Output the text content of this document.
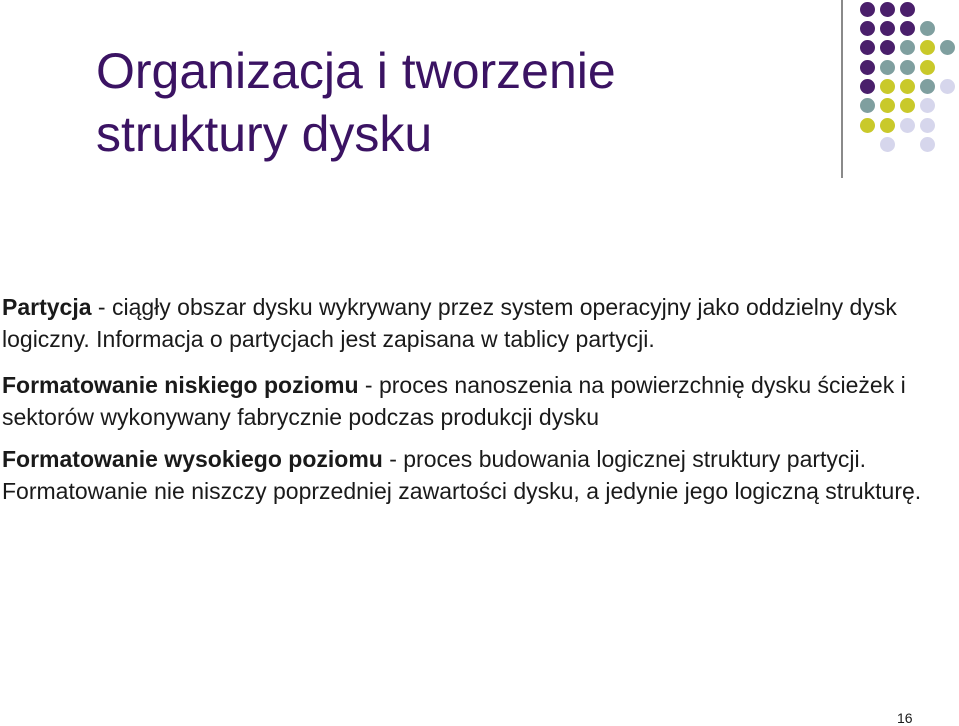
Organizacja i tworzenie
struktury dysku

Partycja - ciągły obszar dysku wykrywany przez system operacyjny jako oddzielny dysk logiczny. Informacja o partycjach jest zapisana w tablicy partycji.

Formatowanie niskiego poziomu - proces nanoszenia na powierzchnię dysku ścieżek i sektorów wykonywany fabrycznie podczas produkcji dysku

Formatowanie wysokiego poziomu - proces budowania logicznej struktury partycji. Formatowanie nie niszczy poprzedniej zawartości dysku, a jedynie jego logiczną strukturę.

16
